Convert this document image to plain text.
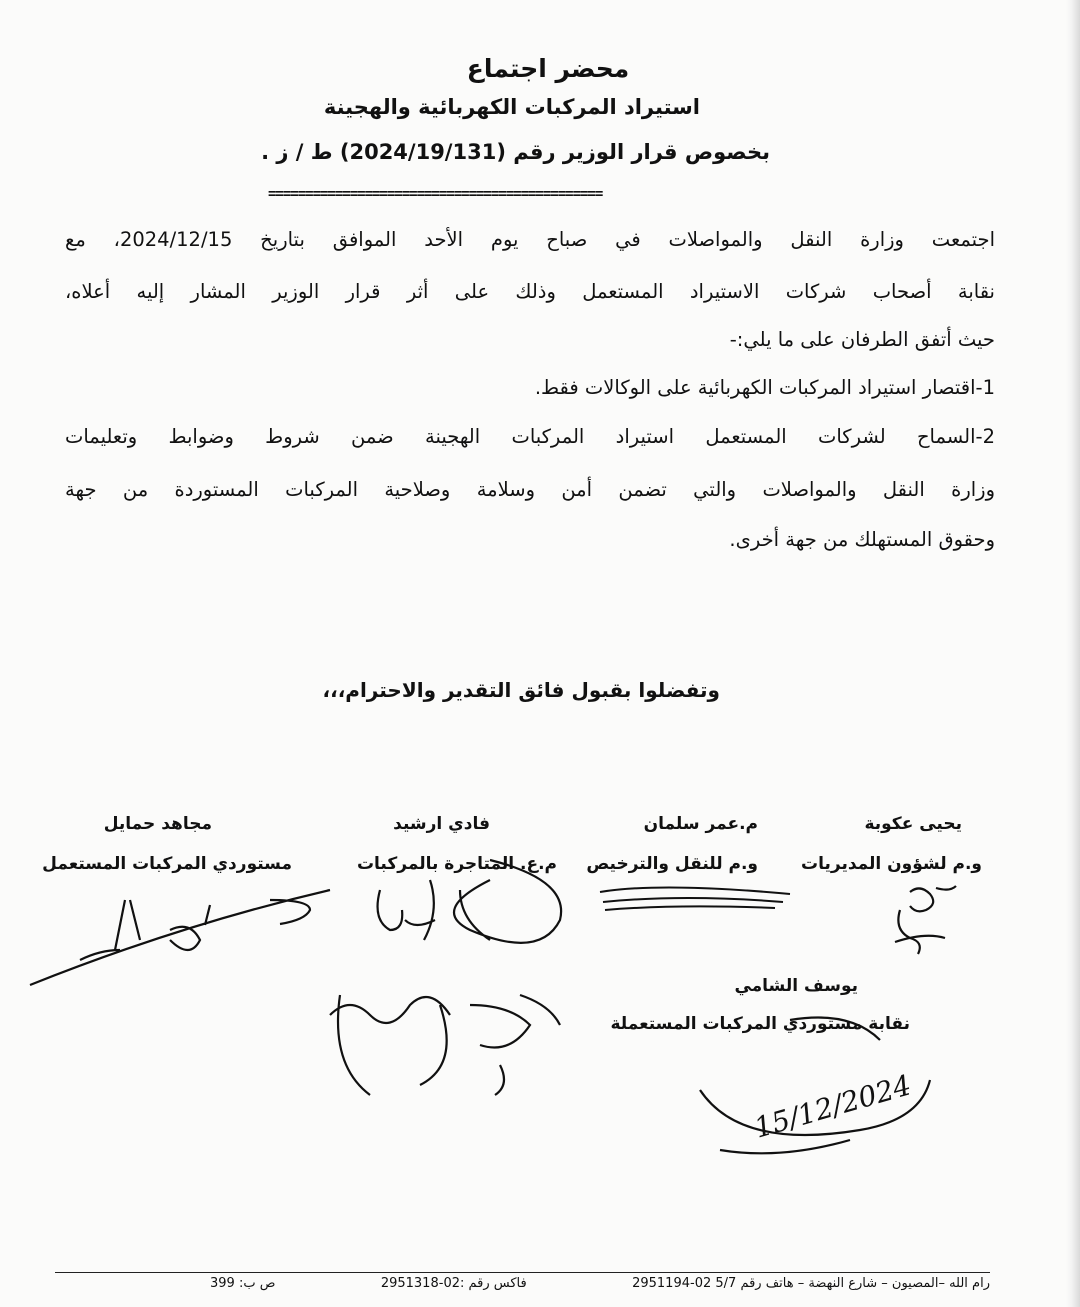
محضر اجتماع
استيراد المركبات الكهربائية والهجينة
بخصوص قرار الوزير رقم (2024/19/131) ط / ز .
=============================================
اجتمعت وزارة النقل والمواصلات في صباح يوم الأحد الموافق بتاريخ 2024/12/15، مع
نقابة أصحاب شركات الاستيراد المستعمل وذلك على أثر قرار الوزير المشار إليه أعلاه،
حيث أتفق الطرفان على ما يلي:-
1-اقتصار استيراد المركبات الكهربائية على الوكالات فقط.
2-السماح لشركات المستعمل استيراد المركبات الهجينة ضمن شروط وضوابط وتعليمات
وزارة النقل والمواصلات والتي تضمن أمن وسلامة وصلاحية المركبات المستوردة من جهة
وحقوق المستهلك من جهة أخرى.
وتفضلوا بقبول فائق التقدير والاحترام،،،
يحيى عكوبة
و.م لشؤون المديريات
م.عمر سلمان
و.م للنقل والترخيص
فادي ارشيد
م.ع. المتاجرة بالمركبات
مجاهد حمايل
مستوردي المركبات المستعمل
يوسف الشامي
نقابة مستوردي المركبات المستعملة
15/12/2024
رام الله –المصيون – شارع النهضة – هاتف رقم 5/7 02-2951194
فاكس رقم :02-2951318
ص ب: 399
